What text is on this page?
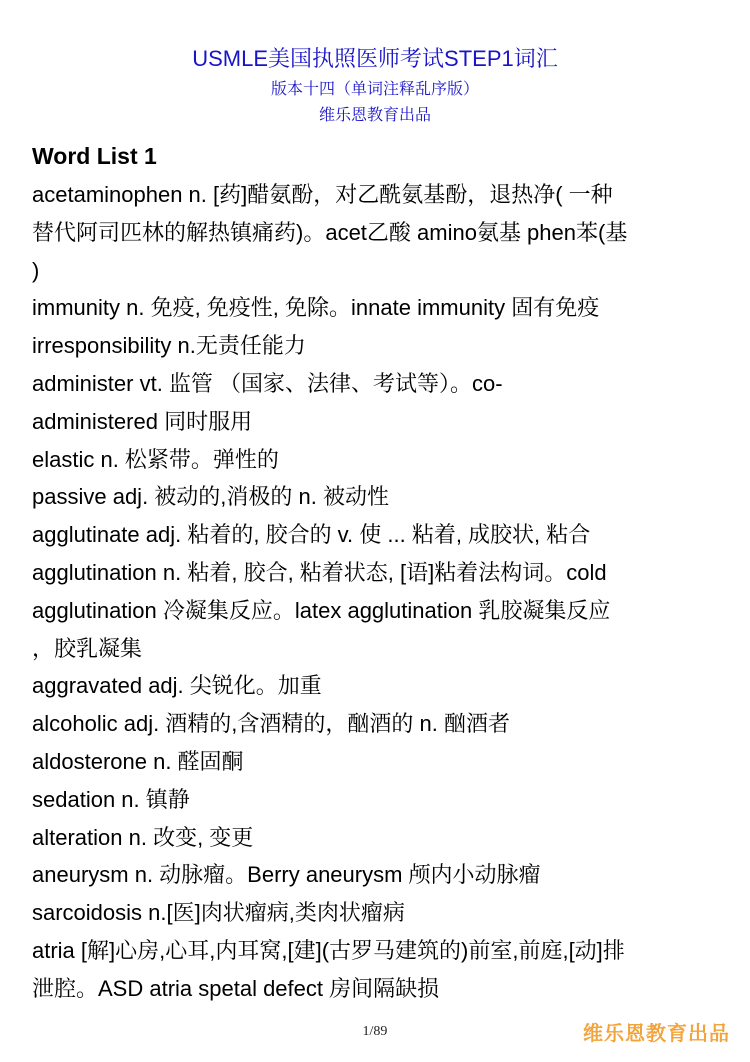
USMLE美国执照医师考试STEP1词汇
版本十四（单词注释乱序版）
维乐恩教育出品
Word List 1
acetaminophen n. [药]醋氨酚，对乙酰氨基酚，退热净( 一种
替代阿司匹林的解热镇痛药)。acet乙酸 amino氨基 phen苯(基
)
immunity n. 免疫, 免疫性, 免除。innate immunity 固有免疫
irresponsibility n.无责任能力
administer vt. 监管 （国家、法律、考试等）。co-
administered 同时服用
elastic n. 松紧带。弹性的
passive adj. 被动的,消极的 n. 被动性
agglutinate adj. 粘着的, 胶合的 v. 使 ... 粘着, 成胶状, 粘合
agglutination n. 粘着, 胶合, 粘着状态, [语]粘着法构词。cold
agglutination 冷凝集反应。latex agglutination 乳胶凝集反应
，胶乳凝集
aggravated adj. 尖锐化。加重
alcoholic adj. 酒精的,含酒精的，酗酒的 n. 酗酒者
aldosterone n. 醛固酮
sedation n. 镇静
alteration n. 改变, 变更
aneurysm n. 动脉瘤。Berry aneurysm 颅内小动脉瘤
sarcoidosis n.[医]肉状瘤病,类肉状瘤病
atria [解]心房,心耳,内耳窝,[建](古罗马建筑的)前室,前庭,[动]排
泄腔。ASD atria spetal defect 房间隔缺损
1/89	维乐恩教育出品
